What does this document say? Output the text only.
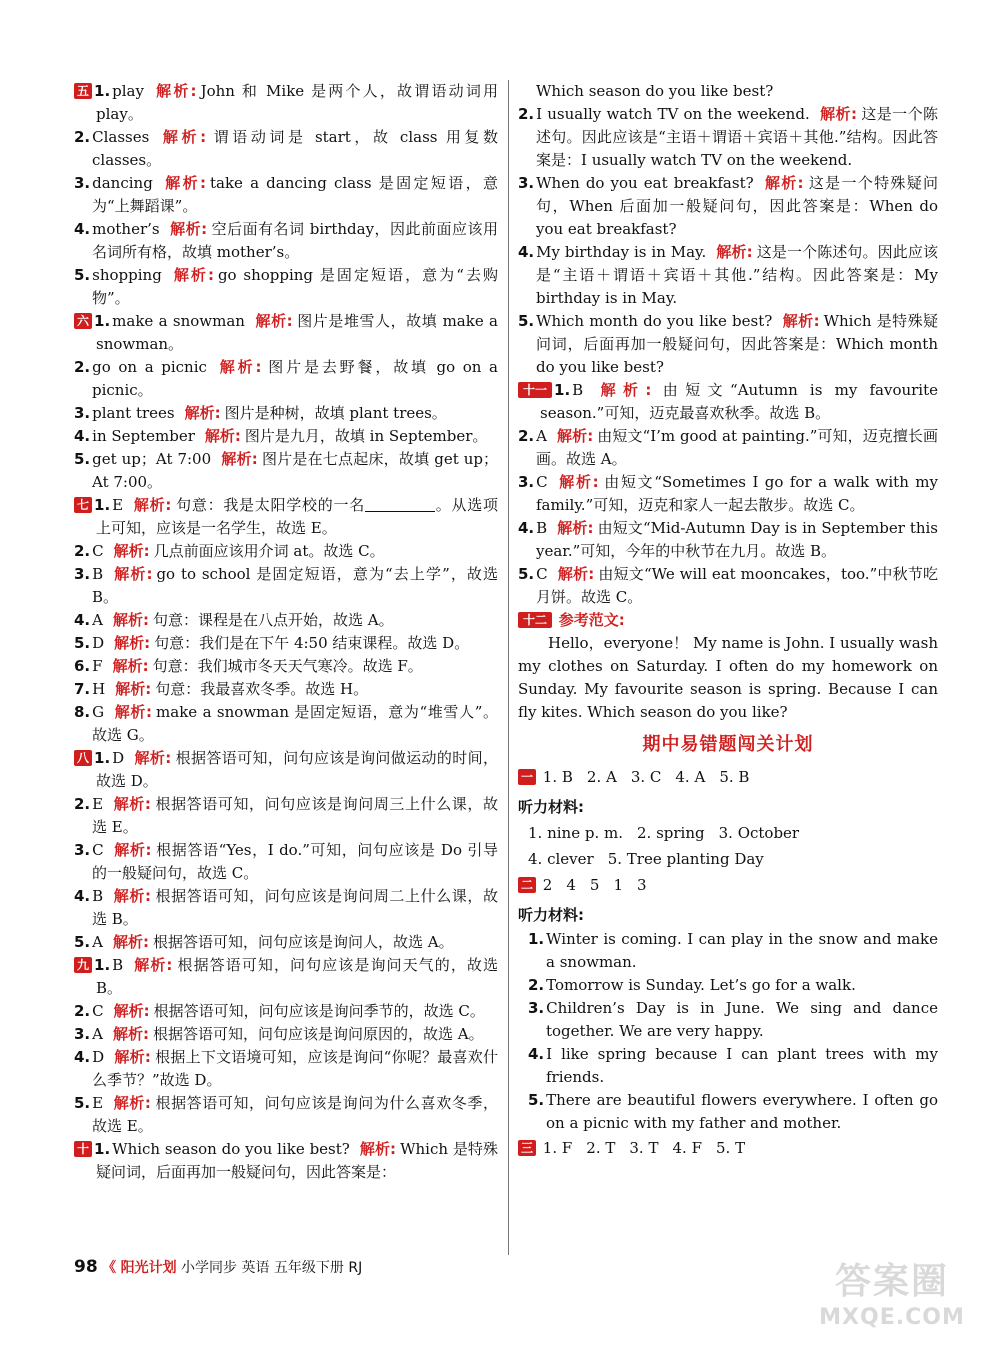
五 1. play 解析: John 和 Mike 是两个人，故谓语动词用 play。
2. Classes 解析: 谓语动词是 start，故 class 用复数 classes。
3. dancing 解析: take a dancing class 是固定短语，意为“上舞蹈课”。
4. mother’s 解析: 空后面有名词 birthday，因此前面应该用名词所有格，故填 mother’s。
5. shopping 解析: go shopping 是固定短语，意为“去购物”。
六 1. make a snowman 解析: 图片是堆雪人，故填 make a snowman。
2. go on a picnic 解析: 图片是去野餐，故填 go on a picnic。
3. plant trees 解析: 图片是种树，故填 plant trees。
4. in September 解析: 图片是九月，故填 in September。
5. get up；At 7:00 解析: 图片是在七点起床，故填 get up；At 7:00。
七 1. E 解析: 句意：我是太阳学校的一名	。从选项上可知，应该是一名学生，故选 E。
2. C 解析: 几点前面应该用介词 at。故选 C。
3. B 解析: go to school 是固定短语，意为“去上学”，故选 B。
4. A 解析: 句意：课程是在八点开始，故选 A。
5. D 解析: 句意：我们是在下午 4:50 结束课程。故选 D。
6. F 解析: 句意：我们城市冬天天气寒冷。故选 F。
7. H 解析: 句意：我最喜欢冬季。故选 H。
8. G 解析: make a snowman 是固定短语，意为“堆雪人”。故选 G。
八 1. D 解析: 根据答语可知，问句应该是询问做运动的时间，故选 D。
2. E 解析: 根据答语可知，问句应该是询问周三上什么课，故选 E。
3. C 解析: 根据答语“Yes，I do.”可知，问句应该是 Do 引导的一般疑问句，故选 C。
4. B 解析: 根据答语可知，问句应该是询问周二上什么课，故选 B。
5. A 解析: 根据答语可知，问句应该是询问人，故选 A。
九 1. B 解析: 根据答语可知，问句应该是询问天气的，故选 B。
2. C 解析: 根据答语可知，问句应该是询问季节的，故选 C。
3. A 解析: 根据答语可知，问句应该是询问原因的，故选 A。
4. D 解析: 根据上下文语境可知，应该是询问“你呢？最喜欢什么季节？”故选 D。
5. E 解析: 根据答语可知，问句应该是询问为什么喜欢冬季，故选 E。
十 1. Which season do you like best? 解析: Which 是特殊疑问词，后面再加一般疑问句，因此答案是：
Which season do you like best?
2. I usually watch TV on the weekend. 解析: 这是一个陈述句。因此应该是“主语＋谓语＋宾语＋其他.”结构。因此答案是：I usually watch TV on the weekend.
3. When do you eat breakfast? 解析: 这是一个特殊疑问句，When 后面加一般疑问句，因此答案是：When do you eat breakfast?
4. My birthday is in May. 解析: 这是一个陈述句。因此应该是“主语＋谓语＋宾语＋其他.”结构。因此答案是：My birthday is in May.
5. Which month do you like best? 解析: Which 是特殊疑问词，后面再加一般疑问句，因此答案是：Which month do you like best?
十一 1. B 解析: 由短文“Autumn is my favourite season.”可知，迈克最喜欢秋季。故选 B。
2. A 解析: 由短文“I’m good at painting.”可知，迈克擅长画画。故选 A。
3. C 解析: 由短文“Sometimes I go for a walk with my family.”可知，迈克和家人一起去散步。故选 C。
4. B 解析: 由短文“Mid-Autumn Day is in September this year.”可知，今年的中秋节在九月。故选 B。
5. C 解析: 由短文“We will eat mooncakes，too.”中秋节吃月饼。故选 C。
十二 参考范文:
Hello，everyone！ My name is John. I usually wash my clothes on Saturday. I often do my homework on Sunday. My favourite season is spring. Because I can fly kites. Which season do you like?
期中易错题闯关计划
一 1. B 2. A 3. C 4. A 5. B
听力材料:
1. nine p. m. 2. spring 3. October
4. clever 5. Tree planting Day
二 2 4 5 1 3
听力材料:
1. Winter is coming. I can play in the snow and make a snowman.
2. Tomorrow is Sunday. Let’s go for a walk.
3. Children’s Day is in June. We sing and dance together. We are very happy.
4. I like spring because I can plant trees with my friends.
5. There are beautiful flowers everywhere. I often go on a picnic with my father and mother.
三 1. F 2. T 3. T 4. F 5. T
98 《 阳光计划 小学同步 英语 五年级下册 RJ	答案圈
MXQE.COM
